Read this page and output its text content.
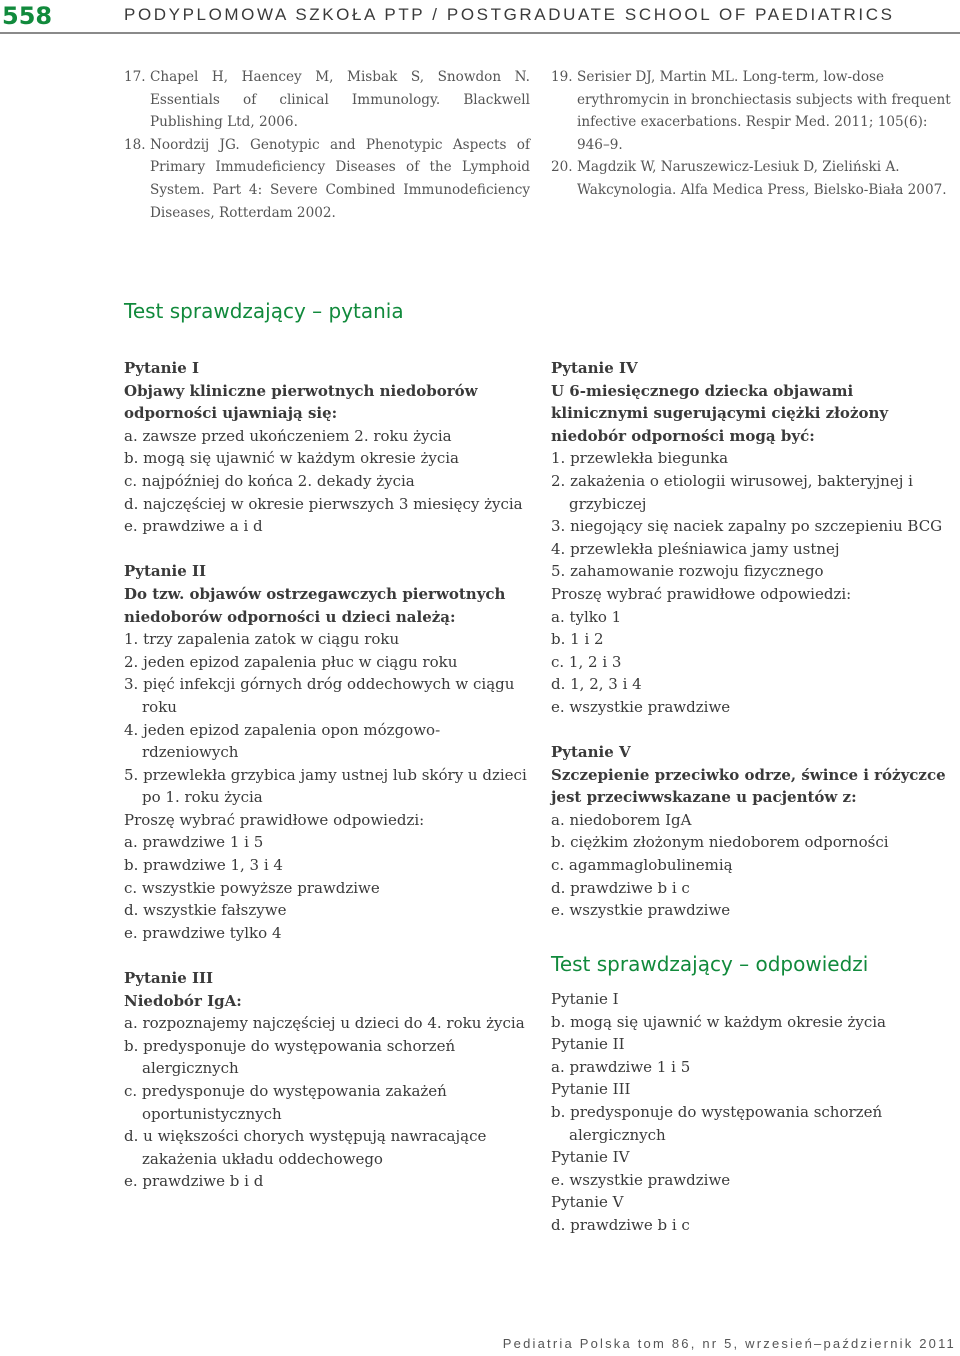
558	PODYPLOMOWA SZKOŁA PTP / POSTGRADUATE SCHOOL OF PAEDIATRICS
17. Chapel H, Haencey M, Misbak S, Snowdon N. Essentials of clinical Immunology. Blackwell Publishing Ltd, 2006.
18. Noordzij JG. Genotypic and Phenotypic Aspects of Primary Immudeficiency Diseases of the Lymphoid System. Part 4: Severe Combined Immunodeficiency Diseases, Rotterdam 2002.
19. Serisier DJ, Martin ML. Long-term, low-dose erythromycin in bronchiectasis subjects with frequent infective exacerbations. Respir Med. 2011; 105(6): 946–9.
20. Magdzik W, Naruszewicz-Lesiuk D, Zieliński A. Wakcynologia. Alfa Medica Press, Bielsko-Biała 2007.
Test sprawdzający – pytania
Pytanie I
Objawy kliniczne pierwotnych niedoborów odporności ujawniają się:
a. zawsze przed ukończeniem 2. roku życia
b. mogą się ujawnić w każdym okresie życia
c. najpóźniej do końca 2. dekady życia
d. najczęściej w okresie pierwszych 3 miesięcy życia
e. prawdziwe a i d
Pytanie II
Do tzw. objawów ostrzegawczych pierwotnych niedoborów odporności u dzieci należą:
1. trzy zapalenia zatok w ciągu roku
2. jeden epizod zapalenia płuc w ciągu roku
3. pięć infekcji górnych dróg oddechowych w ciągu roku
4. jeden epizod zapalenia opon mózgowo-rdzeniowych
5. przewlekła grzybica jamy ustnej lub skóry u dzieci po 1. roku życia
Proszę wybrać prawidłowe odpowiedzi:
a. prawdziwe 1 i 5
b. prawdziwe 1, 3 i 4
c. wszystkie powyższe prawdziwe
d. wszystkie fałszywe
e. prawdziwe tylko 4
Pytanie III
Niedobór IgA:
a. rozpoznajemy najczęściej u dzieci do 4. roku życia
b. predysponuje do występowania schorzeń alergicznych
c. predysponuje do występowania zakażeń oportunistycznych
d. u większości chorych występują nawracające zakażenia układu oddechowego
e. prawdziwe b i d
Pytanie IV
U 6-miesięcznego dziecka objawami klinicznymi sugerującymi ciężki złożony niedobór odporności mogą być:
1. przewlekła biegunka
2. zakażenia o etiologii wirusowej, bakteryjnej i grzybiczej
3. niegojący się naciek zapalny po szczepieniu BCG
4. przewlekła pleśniawica jamy ustnej
5. zahamowanie rozwoju fizycznego
Proszę wybrać prawidłowe odpowiedzi:
a. tylko 1
b. 1 i 2
c. 1, 2 i 3
d. 1, 2, 3 i 4
e. wszystkie prawdziwe
Pytanie V
Szczepienie przeciwko odrze, śwince i różyczce jest przeciwwskazane u pacjentów z:
a. niedoborem IgA
b. ciężkim złożonym niedoborem odporności
c. agammaglobulinemią
d. prawdziwe b i c
e. wszystkie prawdziwe
Test sprawdzający – odpowiedzi
Pytanie I
b. mogą się ujawnić w każdym okresie życia
Pytanie II
a. prawdziwe 1 i 5
Pytanie III
b. predysponuje do występowania schorzeń alergicznych
Pytanie IV
e. wszystkie prawdziwe
Pytanie V
d. prawdziwe b i c
Pediatria Polska tom 86, nr 5, wrzesień–październik 2011
